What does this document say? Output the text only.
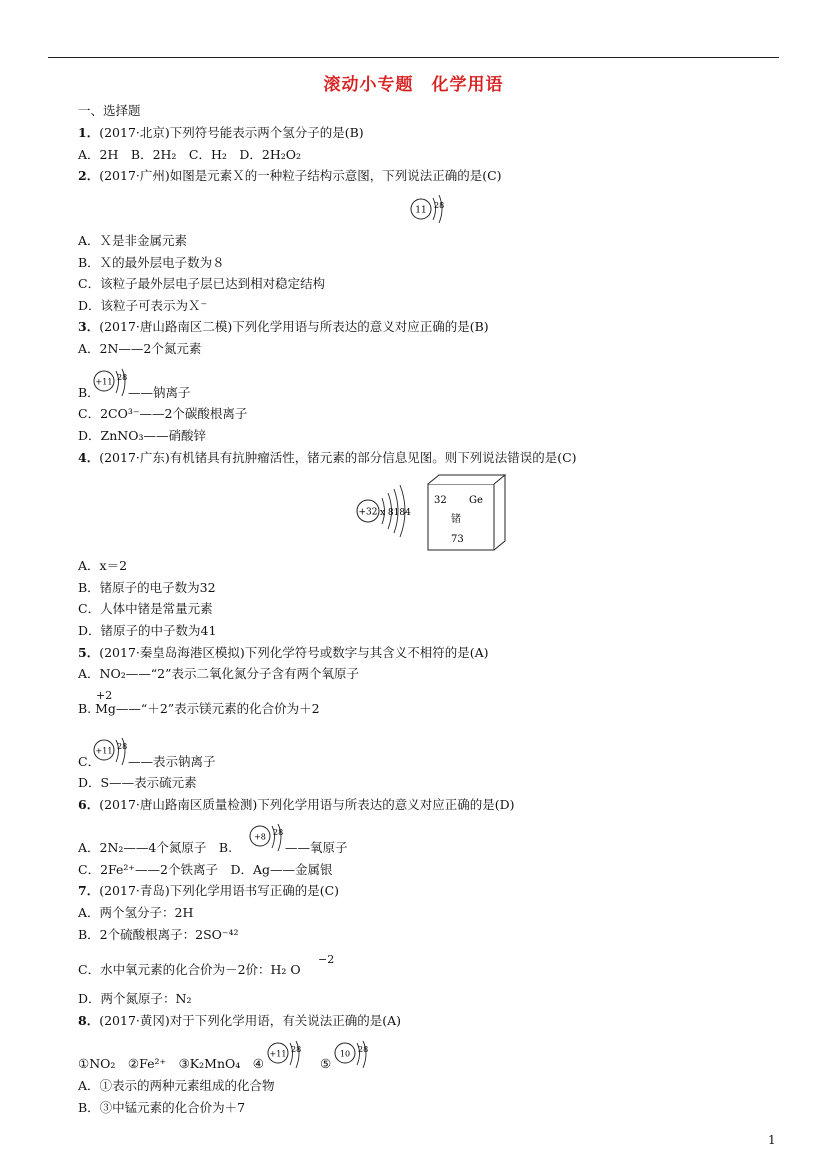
滚动小专题　化学用语
一、选择题
1．(2017·北京)下列符号能表示两个氢分子的是(B)
A．2H　B．2H₂　C．H₂　D．2H₂O₂
2．(2017·广州)如图是元素Ｘ的一种粒子结构示意图，下列说法正确的是(C)
11 28
A．Ｘ是非金属元素
B．Ｘ的最外层电子数为８
C．该粒子最外层电子层已达到相对稳定结构
D．该粒子可表示为Ｘ⁻
3．(2017·唐山路南区二模)下列化学用语与所表达的意义对应正确的是(B)
A．2N——2个氮元素
B．
+11 28
——钠离子
C．2CO³⁻——2个碳酸根离子
D．ZnNO₃——硝酸锌
4．(2017·广东)有机锗具有抗肿瘤活性，锗元素的部分信息见图。则下列说法错误的是(C)
+32 x 8184
32 Ge
锗
73
A．x＝2
B．锗原子的电子数为32
C．人体中锗是常量元素
D．锗原子的中子数为41
5．(2017·秦皇岛海港区模拟)下列化学符号或数字与其含义不相符的是(A)
A．NO₂——“2”表示二氧化氮分子含有两个氧原子
+2
B. Mg——“＋2”表示镁元素的化合价为＋2
C．
+11 28
——表示钠离子
D．S——表示硫元素
6．(2017·唐山路南区质量检测)下列化学用语与所表达的意义对应正确的是(D)
A．2N₂——4个氮原子　B.
+8 28
——氧原子
C．2Fe²⁺——2个铁离子　D．Ag——金属银
7．(2017·青岛)下列化学用语书写正确的是(C)
A．两个氢分子：2H
B．2个硫酸根离子：2SO⁻⁴²
−2
C．水中氧元素的化合价为－2价：H₂ O
D．两个氮原子：N₂
8．(2017·黄冈)对于下列化学用语，有关说法正确的是(A)
①NO₂　②Fe²⁺　③K₂MnO₄　④
+11 28
⑤
10 28
A．①表示的两种元素组成的化合物
B．③中锰元素的化合价为＋7
1
